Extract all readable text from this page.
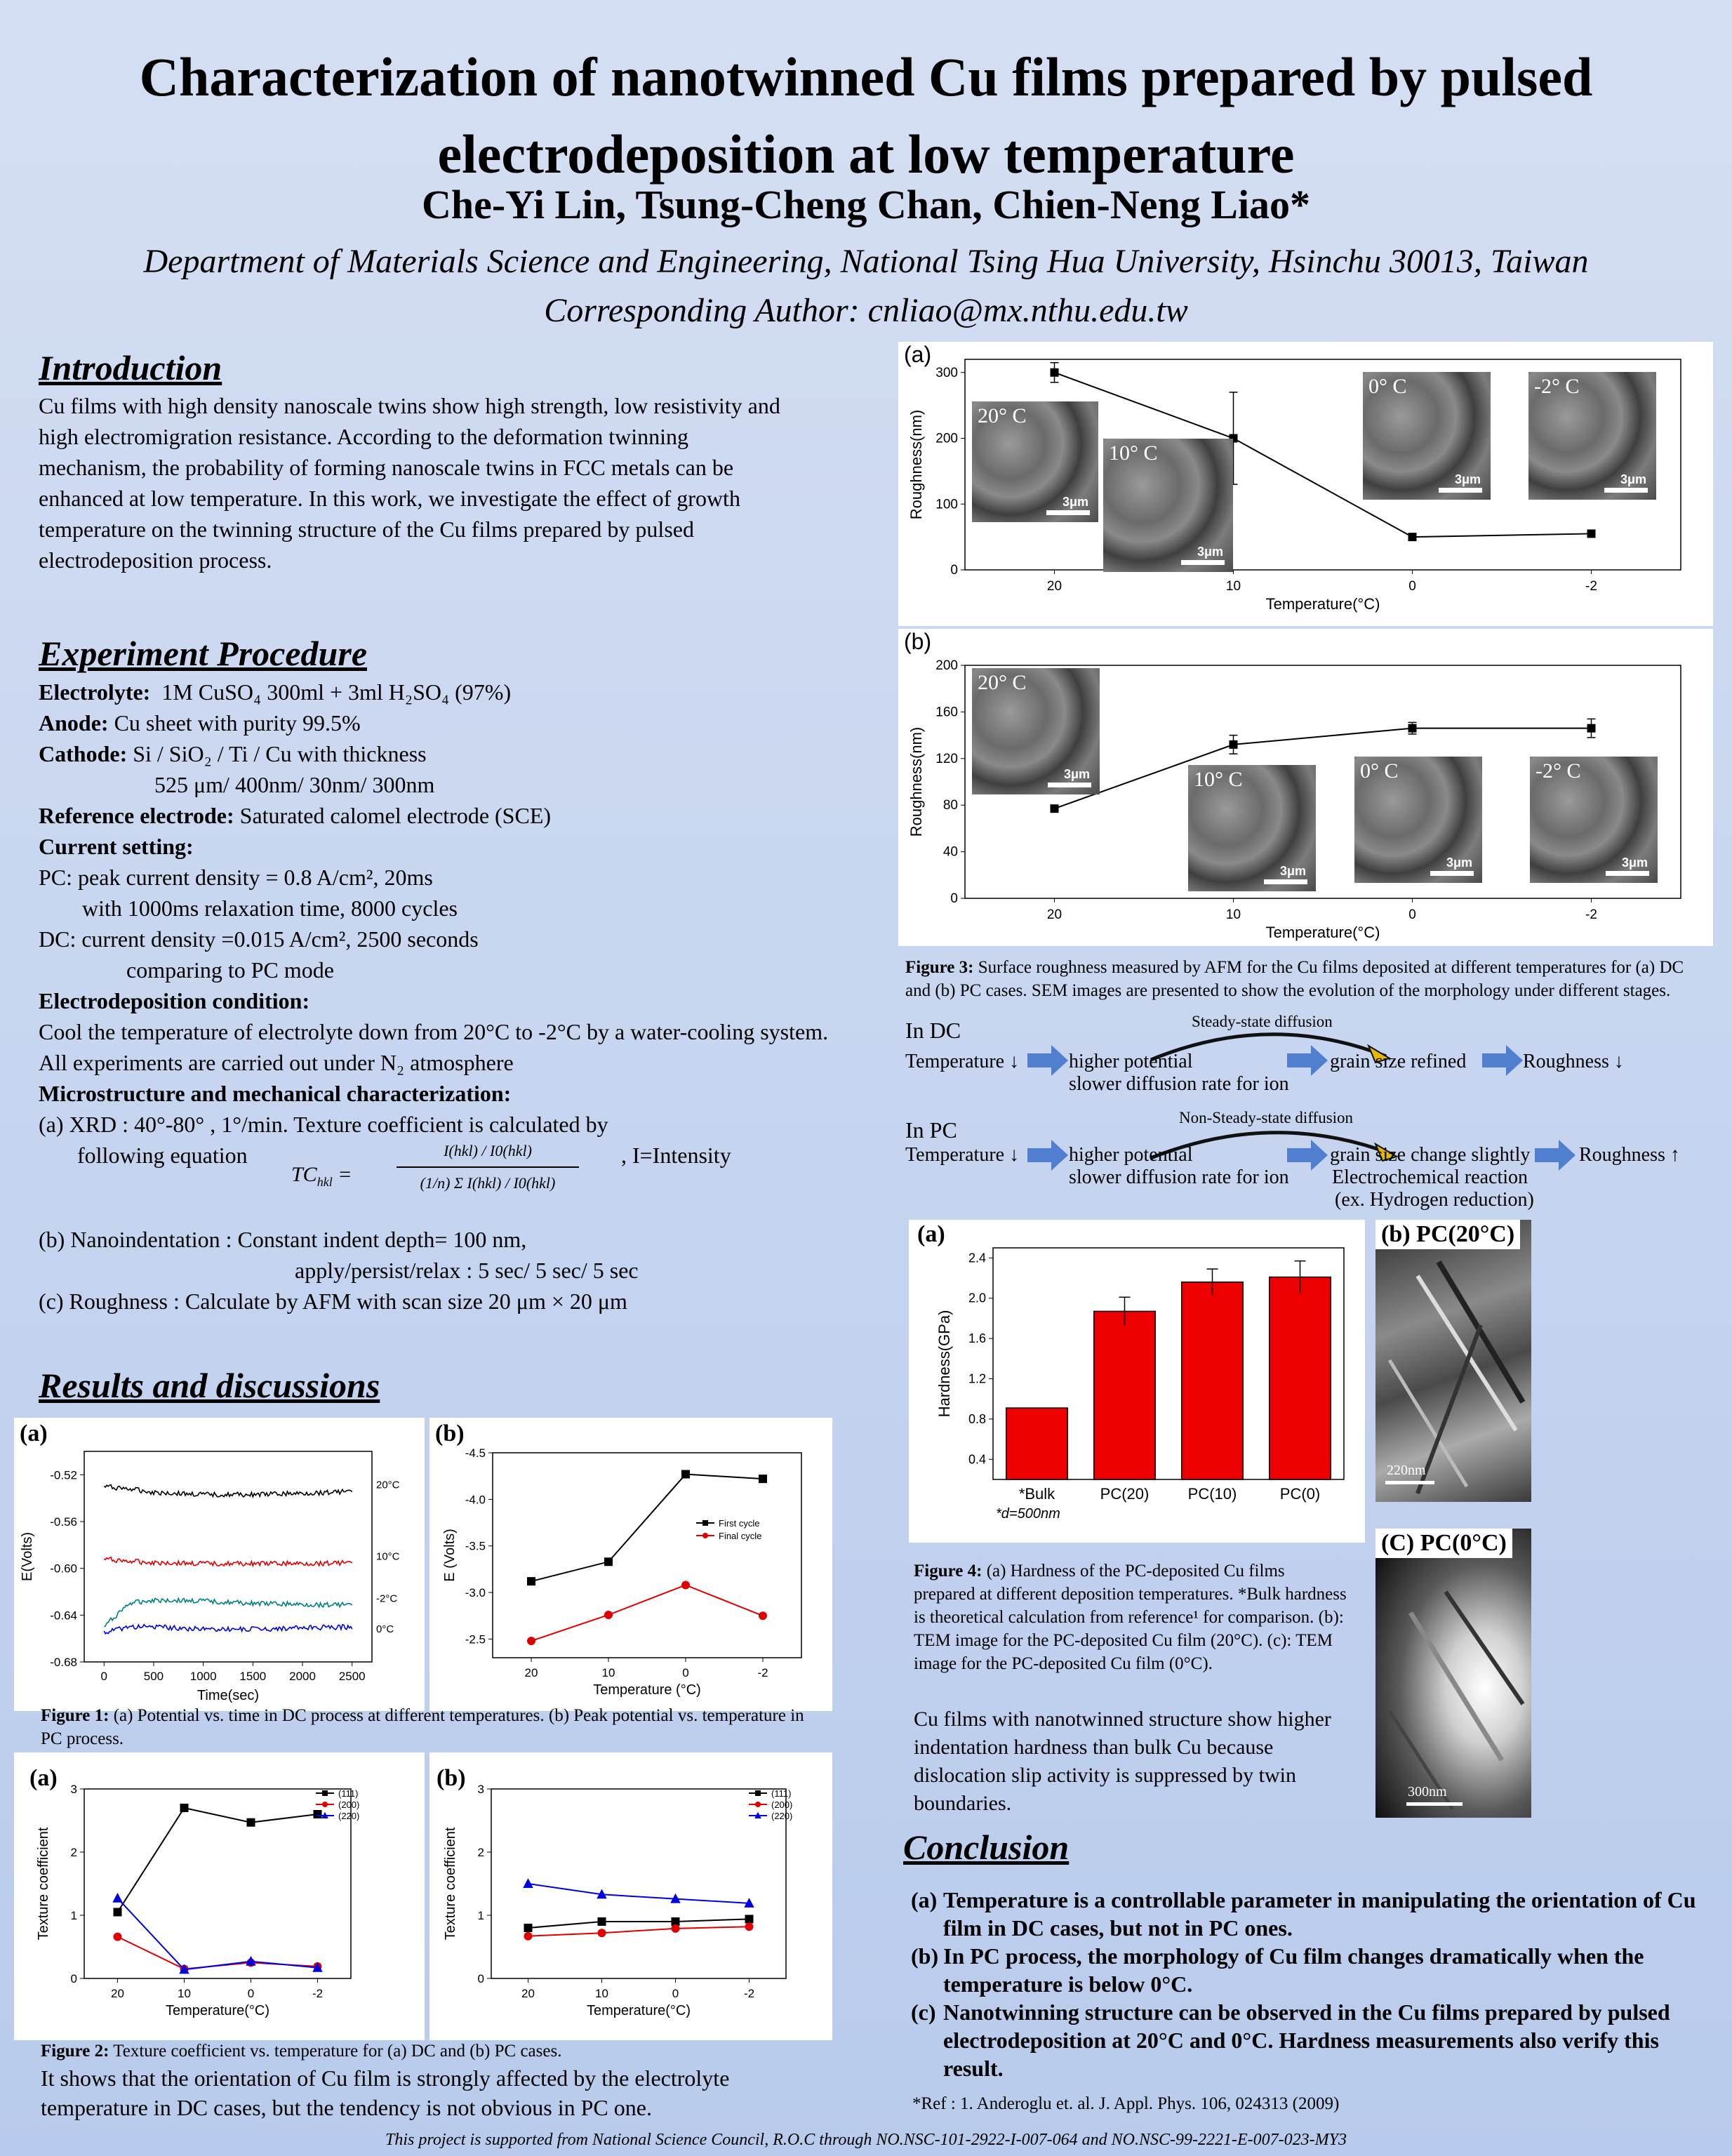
Characterization of nanotwinned Cu films prepared by pulsed electrodeposition at low temperature
Che-Yi Lin, Tsung-Cheng Chan, Chien-Neng Liao*
Department of Materials Science and Engineering, National Tsing Hua University, Hsinchu 30013, Taiwan
Corresponding Author: cnliao@mx.nthu.edu.tw
Introduction
Cu films with high density nanoscale twins show high strength, low resistivity and high electromigration resistance. According to the deformation twinning mechanism, the probability of forming nanoscale twins in FCC metals can be enhanced at low temperature. In this work, we investigate the effect of growth temperature on the twinning structure of the Cu films prepared by pulsed electrodeposition process.
Experiment Procedure
Electrolyte: 1M CuSO₄ 300ml + 3ml H₂SO₄ (97%)
Anode: Cu sheet with purity 99.5%
Cathode: Si / SiO₂ / Ti / Cu with thickness
525 μm/ 400nm/ 30nm/ 300nm
Reference electrode: Saturated calomel electrode (SCE)
Current setting:
PC: peak current density = 0.8 A/cm², 20ms
with 1000ms relaxation time, 8000 cycles
DC: current density =0.015 A/cm², 2500 seconds
comparing to PC mode
Electrodeposition condition:
Cool the temperature of electrolyte down from 20°C to -2°C by a water-cooling system. All experiments are carried out under N₂ atmosphere
Microstructure and mechanical characterization:
(a) XRD : 40°-80° , 1°/min. Texture coefficient is calculated by
following equation
$TC_{hkl}$ =
I(hkl) / I0(hkl)
(1/n) Σ I(hkl) / I0(hkl)
, I=Intensity
(b) Nanoindentation : Constant indent depth= 100 nm,
apply/persist/relax : 5 sec/ 5 sec/ 5 sec
(c) Roughness : Calculate by AFM with scan size 20 μm × 20 μm
Results and discussions
(a)
-0.52
-0.56
-0.60
-0.64
-0.68
0	500 1000 1500 2000 2500
Time(sec)
E(Volts)
20°C
10°C
-2°C
0°C
(b)
-4.5
-4.0
-3.5
-3.0
-2.5
20	10	0	-2
Temperature (°C)
E (Volts)
First cycle
Final cycle
Figure 1: (a) Potential vs. time in DC process at different temperatures. (b) Peak potential vs. temperature in PC process.
(a)
0
1
2
3
20	10	0	-2
Temperature(°C)
Texture coefficient
(111)
(200)
(220)
(b)
0
1
2
3
20	10	0	-2
Temperature(°C)
Texture coefficient
(111)
(200)
(220)
Figure 2: Texture coefficient vs. temperature for (a) DC and (b) PC cases.
It shows that the orientation of Cu film is strongly affected by the electrolyte temperature in DC cases, but the tendency is not obvious in PC one.
(a)
0
100
200
300
20	10	0	-2
Temperature(°C)
Roughness(nm)	20° C
3μm
10° C
3μm
0° C
3μm
-2° C
3μm
(b)
0
40
80
120
160
200
20	10	0	-2
Temperature(°C)
Roughness(nm)
20° C
3μm	10° C
3μm
0° C
3μm
-2° C
3μm
Figure 3: Surface roughness measured by AFM for the Cu films deposited at different temperatures for (a) DC and (b) PC cases. SEM images are presented to show the evolution of the morphology under different stages.
In DC	Steady-state diffusion
Temperature ↓	higher potential
slower diffusion rate for ion
grain size refined	Roughness ↓
In PC	Non-Steady-state diffusion
Temperature ↓	higher potential
slower diffusion rate for ion
grain size change slightly
Electrochemical reaction
(ex. Hydrogen reduction)
Roughness ↑
(a)
0.4
0.8
1.2
1.6
2.0
2.4
Hardness(GPa)
*Bulk	PC(20)	PC(10)	PC(0)
*d=500nm
Figure 4: (a) Hardness of the PC-deposited Cu films prepared at different deposition temperatures. *Bulk hardness is theoretical calculation from reference¹ for comparison. (b): TEM image for the PC-deposited Cu film (20°C). (c): TEM image for the PC-deposited Cu film (0°C).
Cu films with nanotwinned structure show higher indentation hardness than bulk Cu because dislocation slip activity is suppressed by twin boundaries.
(b) PC(20°C)
220nm
(C) PC(0°C)
300nm
Conclusion
(a) Temperature is a controllable parameter in manipulating the orientation of Cu film in DC cases, but not in PC ones.
(b) In PC process, the morphology of Cu film changes dramatically when the temperature is below 0°C.
(c) Nanotwinning structure can be observed in the Cu films prepared by pulsed electrodeposition at 20°C and 0°C. Hardness measurements also verify this result.
*Ref : 1. Anderoglu et. al. J. Appl. Phys. 106, 024313 (2009)
This project is supported from National Science Council, R.O.C through NO.NSC-101-2922-I-007-064 and NO.NSC-99-2221-E-007-023-MY3
